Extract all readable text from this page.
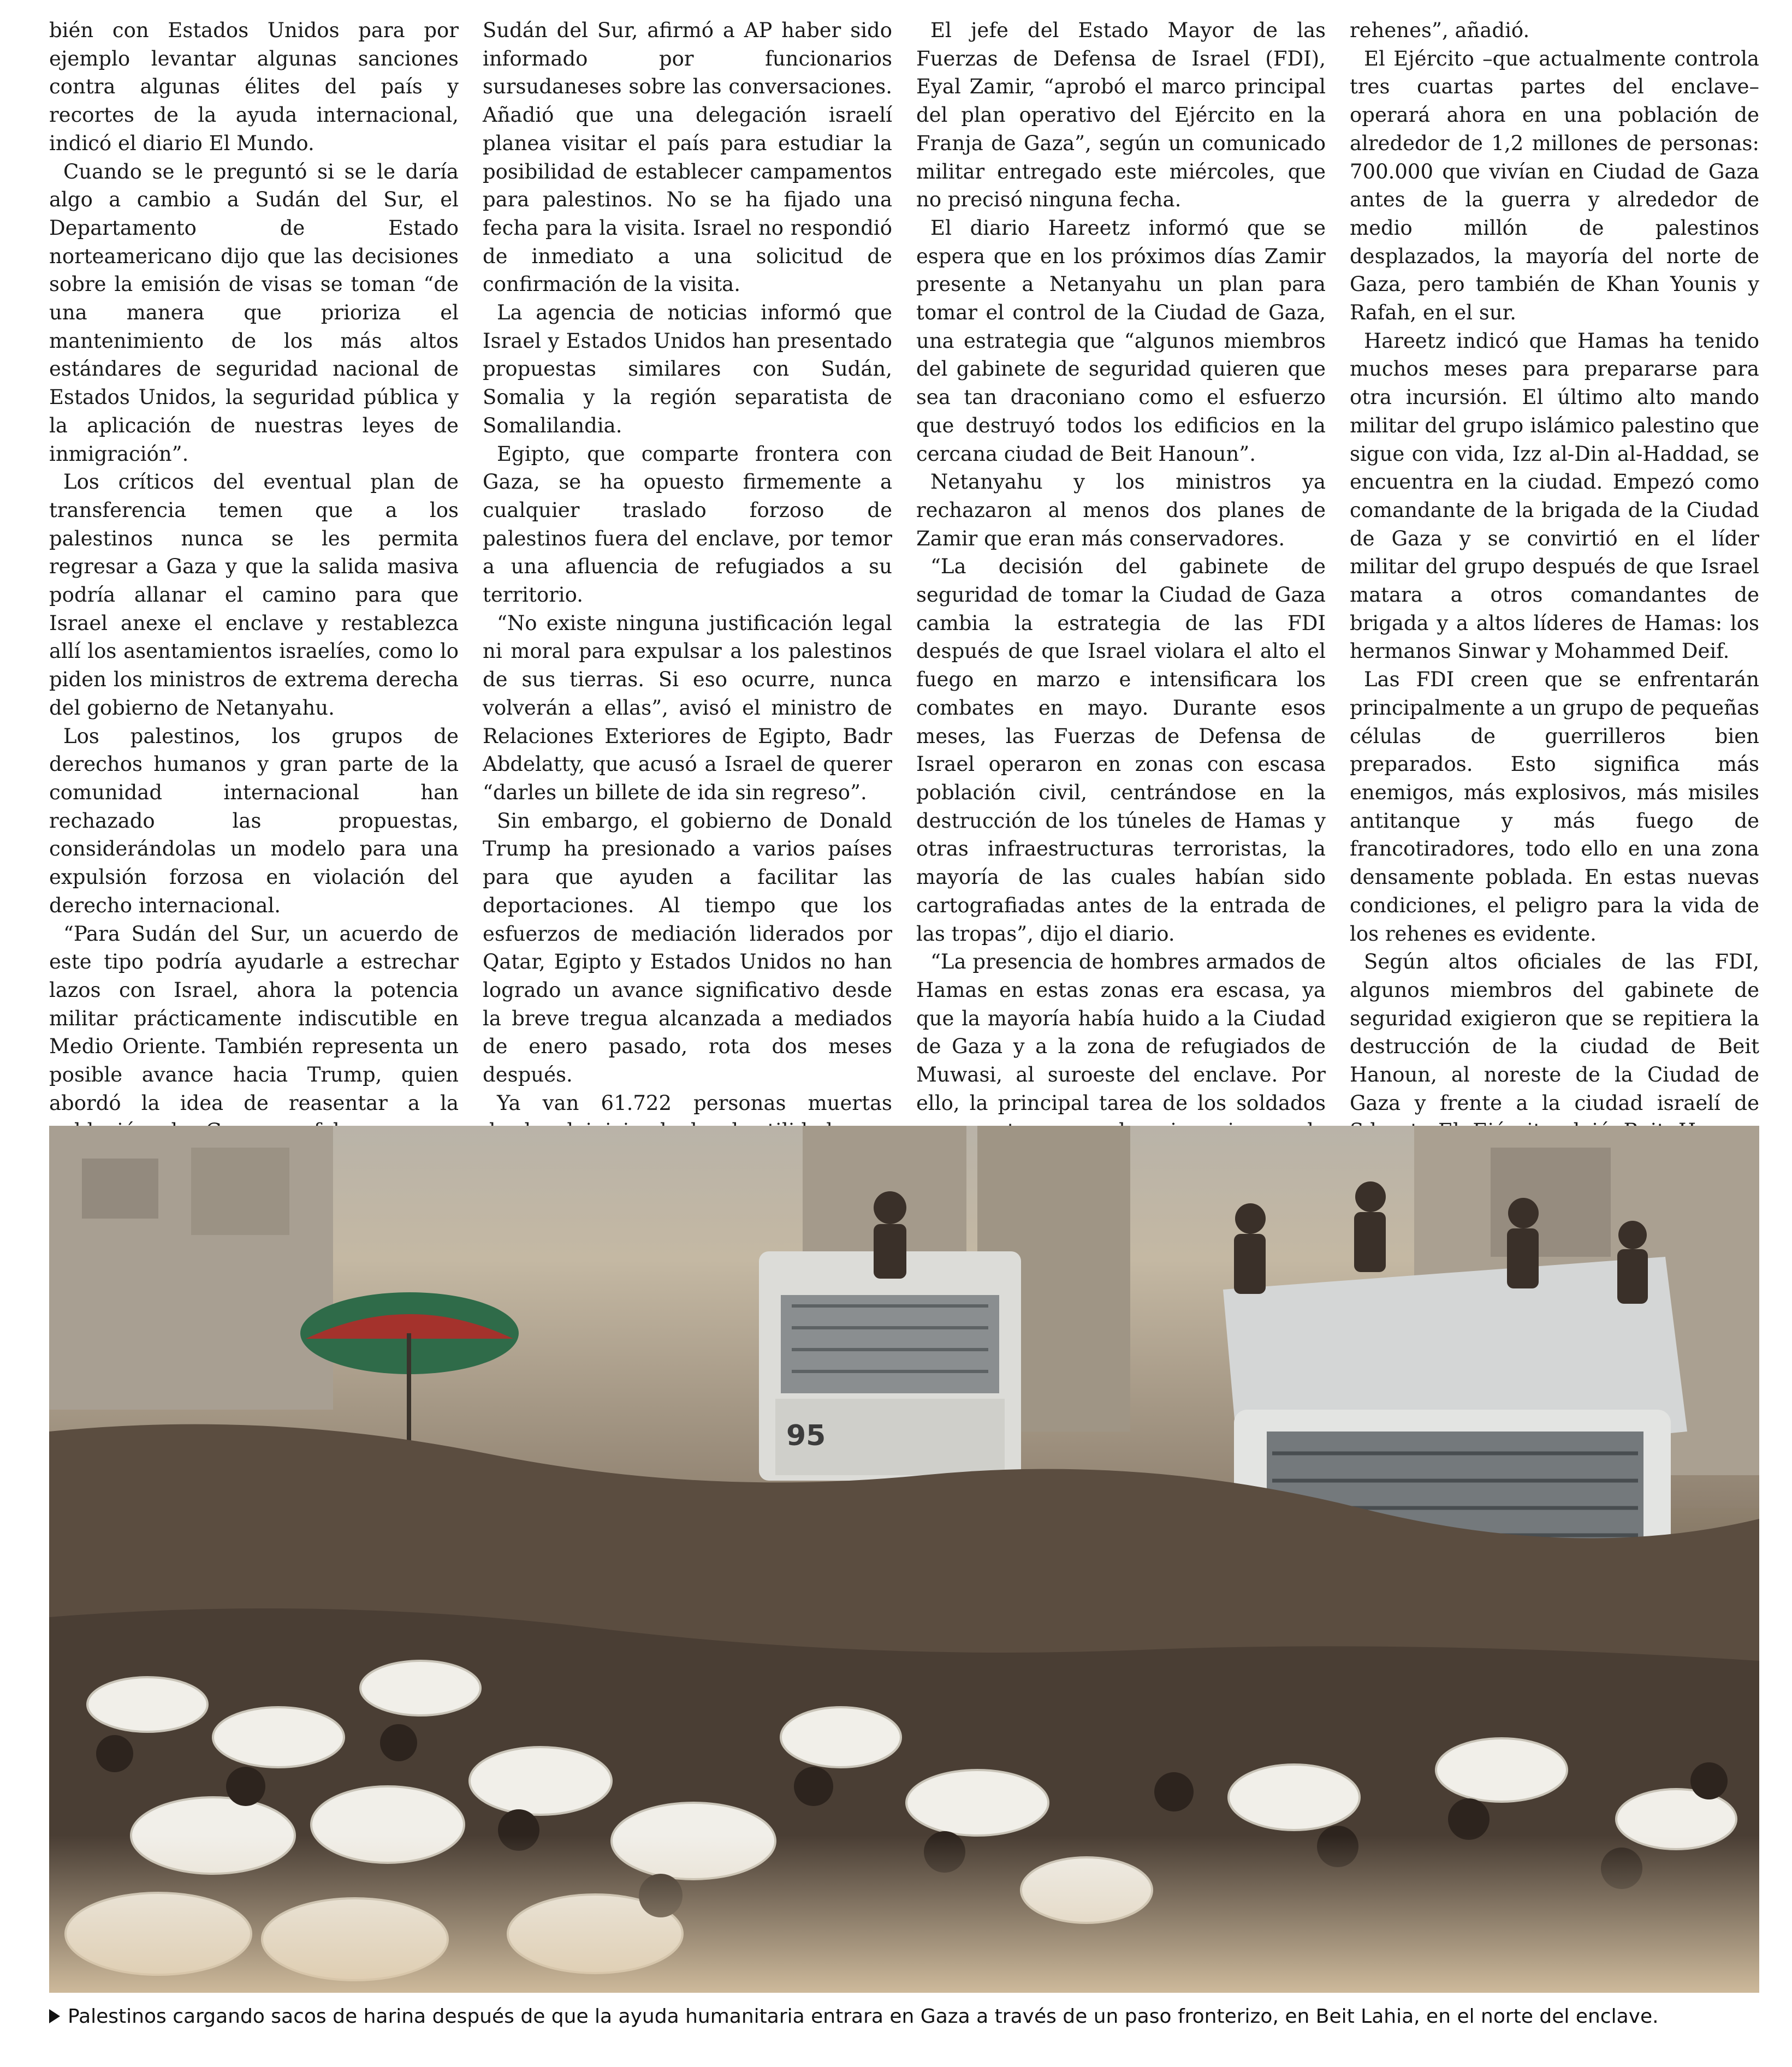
bién con Estados Unidos para por ejemplo levantar algunas sanciones contra algunas élites del país y recortes de la ayuda internacional, indicó el diario El Mundo.

Cuando se le preguntó si se le daría algo a cambio a Sudán del Sur, el Departamento de Estado norteamericano dijo que las decisiones sobre la emisión de visas se toman “de una manera que prioriza el mantenimiento de los más altos estándares de seguridad nacional de Estados Unidos, la seguridad pública y la aplicación de nuestras leyes de inmigración”.

Los críticos del eventual plan de transferencia temen que a los palestinos nunca se les permita regresar a Gaza y que la salida masiva podría allanar el camino para que Israel anexe el enclave y restablezca allí los asentamientos israelíes, como lo piden los ministros de extrema derecha del gobierno de Netanyahu.

Los palestinos, los grupos de derechos humanos y gran parte de la comunidad internacional han rechazado las propuestas, considerándolas un modelo para una expulsión forzosa en violación del derecho internacional.

“Para Sudán del Sur, un acuerdo de este tipo podría ayudarle a estrechar lazos con Israel, ahora la potencia militar prácticamente indiscutible en Medio Oriente. También representa un posible avance hacia Trump, quien abordó la idea de reasentar a la

Sudán del Sur, afirmó a AP haber sido informado por funcionarios sursudaneses sobre las conversaciones. Añadió que una delegación israelí planea visitar el país para estudiar la posibilidad de establecer campamentos para palestinos. No se ha fijado una fecha para la visita. Israel no respondió de inmediato a una solicitud de confirmación de la visita.

La agencia de noticias informó que Israel y Estados Unidos han presentado propuestas similares con Sudán, Somalia y la región separatista de Somalilandia.

Egipto, que comparte frontera con Gaza, se ha opuesto firmemente a cualquier traslado forzoso de palestinos fuera del enclave, por temor a una afluencia de refugiados a su territorio.

“No existe ninguna justificación legal ni moral para expulsar a los palestinos de sus tierras. Si eso ocurre, nunca volverán a ellas”, avisó el ministro de Relaciones Exteriores de Egipto, Badr Abdelatty, que acusó a Israel de querer “darles un billete de ida sin regreso”.

Sin embargo, el gobierno de Donald Trump ha presionado a varios países para que ayuden a facilitar las deportaciones. Al tiempo que los esfuerzos de mediación liderados por Qatar, Egipto y Estados Unidos no han logrado un avance significativo desde la breve tregua alcanzada a mediados de enero pasado, rota dos meses después.

Ya van 61.722 personas muertas

El jefe del Estado Mayor de las Fuerzas de Defensa de Israel (FDI), Eyal Zamir, “aprobó el marco principal del plan operativo del Ejército en la Franja de Gaza”, según un comunicado militar entregado este miércoles, que no precisó ninguna fecha.

El diario Hareetz informó que se espera que en los próximos días Zamir presente a Netanyahu un plan para tomar el control de la Ciudad de Gaza, una estrategia que “algunos miembros del gabinete de seguridad quieren que sea tan draconiano como el esfuerzo que destruyó todos los edificios en la cercana ciudad de Beit Hanoun”.

Netanyahu y los ministros ya rechazaron al menos dos planes de Zamir que eran más conservadores.

“La decisión del gabinete de seguridad de tomar la Ciudad de Gaza cambia la estrategia de las FDI después de que Israel violara el alto el fuego en marzo e intensificara los combates en mayo. Durante esos meses, las Fuerzas de Defensa de Israel operaron en zonas con escasa población civil, centrándose en la destrucción de los túneles de Hamas y otras infraestructuras terroristas, la mayoría de las cuales habían sido cartografiadas antes de la entrada de las tropas”, dijo el diario.

“La presencia de hombres armados de Hamas en estas zonas era escasa, ya que la mayoría había huido a la Ciudad de Gaza y a la zona de refugiados de Muwasi, al suroeste del enclave. Por ello, la principal tarea de los soldados

rehenes”, añadió.

El Ejército –que actualmente controla tres cuartas partes del enclave– operará ahora en una población de alrededor de 1,2 millones de personas: 700.000 que vivían en Ciudad de Gaza antes de la guerra y alrededor de medio millón de palestinos desplazados, la mayoría del norte de Gaza, pero también de Khan Younis y Rafah, en el sur.

Hareetz indicó que Hamas ha tenido muchos meses para prepararse para otra incursión. El último alto mando militar del grupo islámico palestino que sigue con vida, Izz al-Din al-Haddad, se encuentra en la ciudad. Empezó como comandante de la brigada de la Ciudad de Gaza y se convirtió en el líder militar del grupo después de que Israel matara a otros comandantes de brigada y a altos líderes de Hamas: los hermanos Sinwar y Mohammed Deif.

Las FDI creen que se enfrentarán principalmente a un grupo de pequeñas células de guerrilleros bien preparados. Esto significa más enemigos, más explosivos, más misiles antitanque y más fuego de francotiradores, todo ello en una zona densamente poblada. En estas nuevas condiciones, el peligro para la vida de los rehenes es evidente.

Según altos oficiales de las FDI, algunos miembros del gabinete de seguridad exigieron que se repitiera la destrucción de la ciudad de Beit Hanoun, al noreste de la Ciudad de Gaza y frente a la ciudad israelí de

95
Palestinos cargando sacos de harina después de que la ayuda humanitaria entrara en Gaza a través de un paso fronterizo, en Beit Lahia, en el norte del enclave.
